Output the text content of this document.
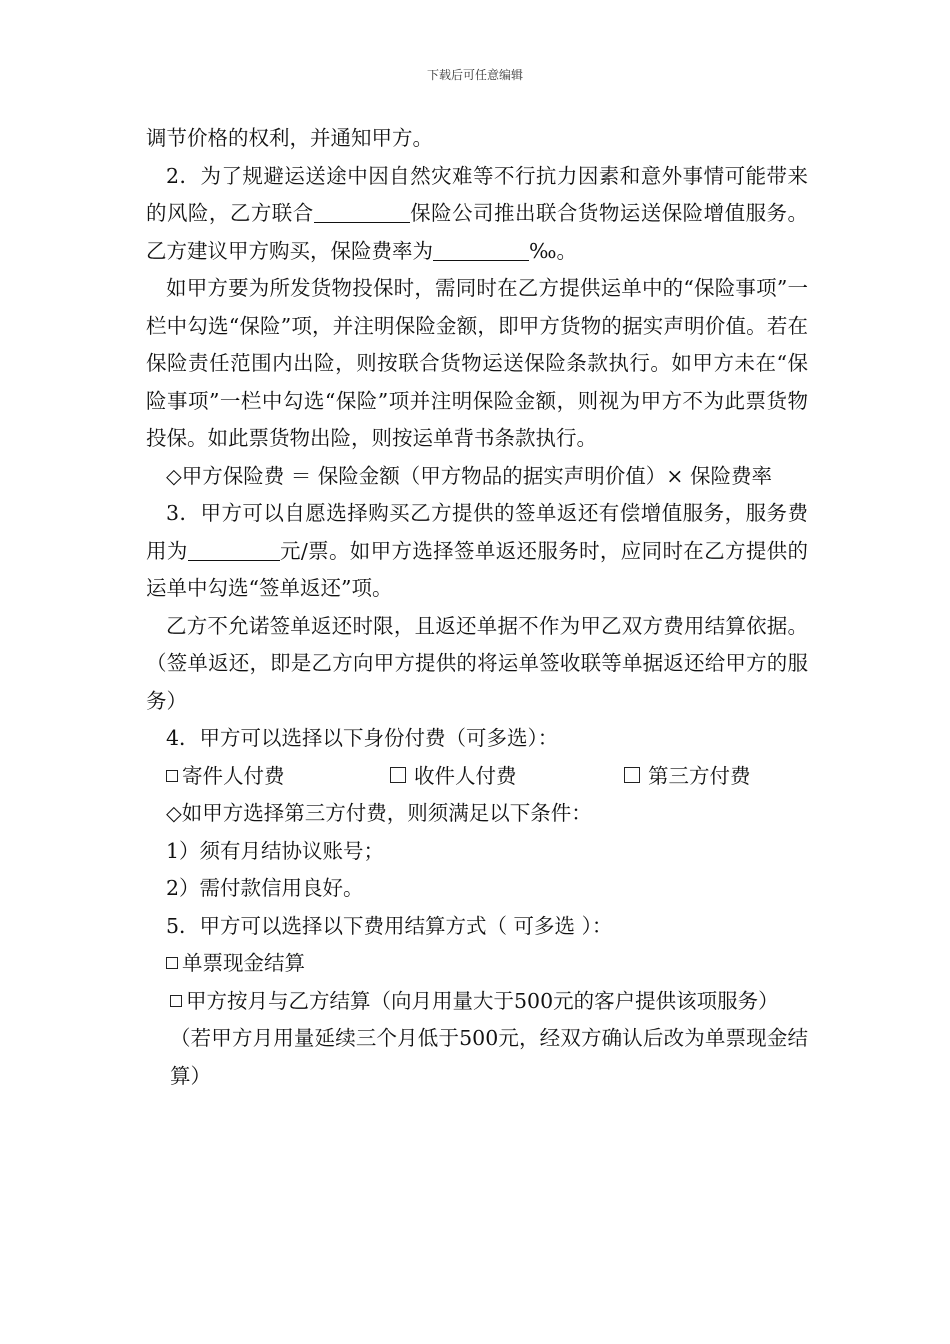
下载后可任意编辑

调节价格的权利，并通知甲方。

2．为了规避运送途中因自然灾难等不行抗力因素和意外事情可能带来的风险，乙方联合	保险公司推出联合货物运送保险增值服务。乙方建议甲方购买，保险费率为	‰。

如甲方要为所发货物投保时，需同时在乙方提供运单中的“保险事项”一栏中勾选“保险”项，并注明保险金额，即甲方货物的据实声明价值。若在保险责任范围内出险，则按联合货物运送保险条款执行。如甲方未在“保险事项”一栏中勾选“保险”项并注明保险金额，则视为甲方不为此票货物投保。如此票货物出险，则按运单背书条款执行。

◇甲方保险费 ＝ 保险金额（甲方物品的据实声明价值）× 保险费率

3．甲方可以自愿选择购买乙方提供的签单返还有偿增值服务，服务费用为	元/票。如甲方选择签单返还服务时，应同时在乙方提供的运单中勾选“签单返还”项。

乙方不允诺签单返还时限，且返还单据不作为甲乙双方费用结算依据。（签单返还，即是乙方向甲方提供的将运单签收联等单据返还给甲方的服务）

4．甲方可以选择以下身份付费（可多选）：

寄件人付费	收件人付费	第三方付费

◇如甲方选择第三方付费，则须满足以下条件：

1）须有月结协议账号；

2）需付款信用良好。

5．甲方可以选择以下费用结算方式（ 可多选 ）：

单票现金结算

甲方按月与乙方结算（向月用量大于500元的客户提供该项服务）

（若甲方月用量延续三个月低于500元，经双方确认后改为单票现金结算）
